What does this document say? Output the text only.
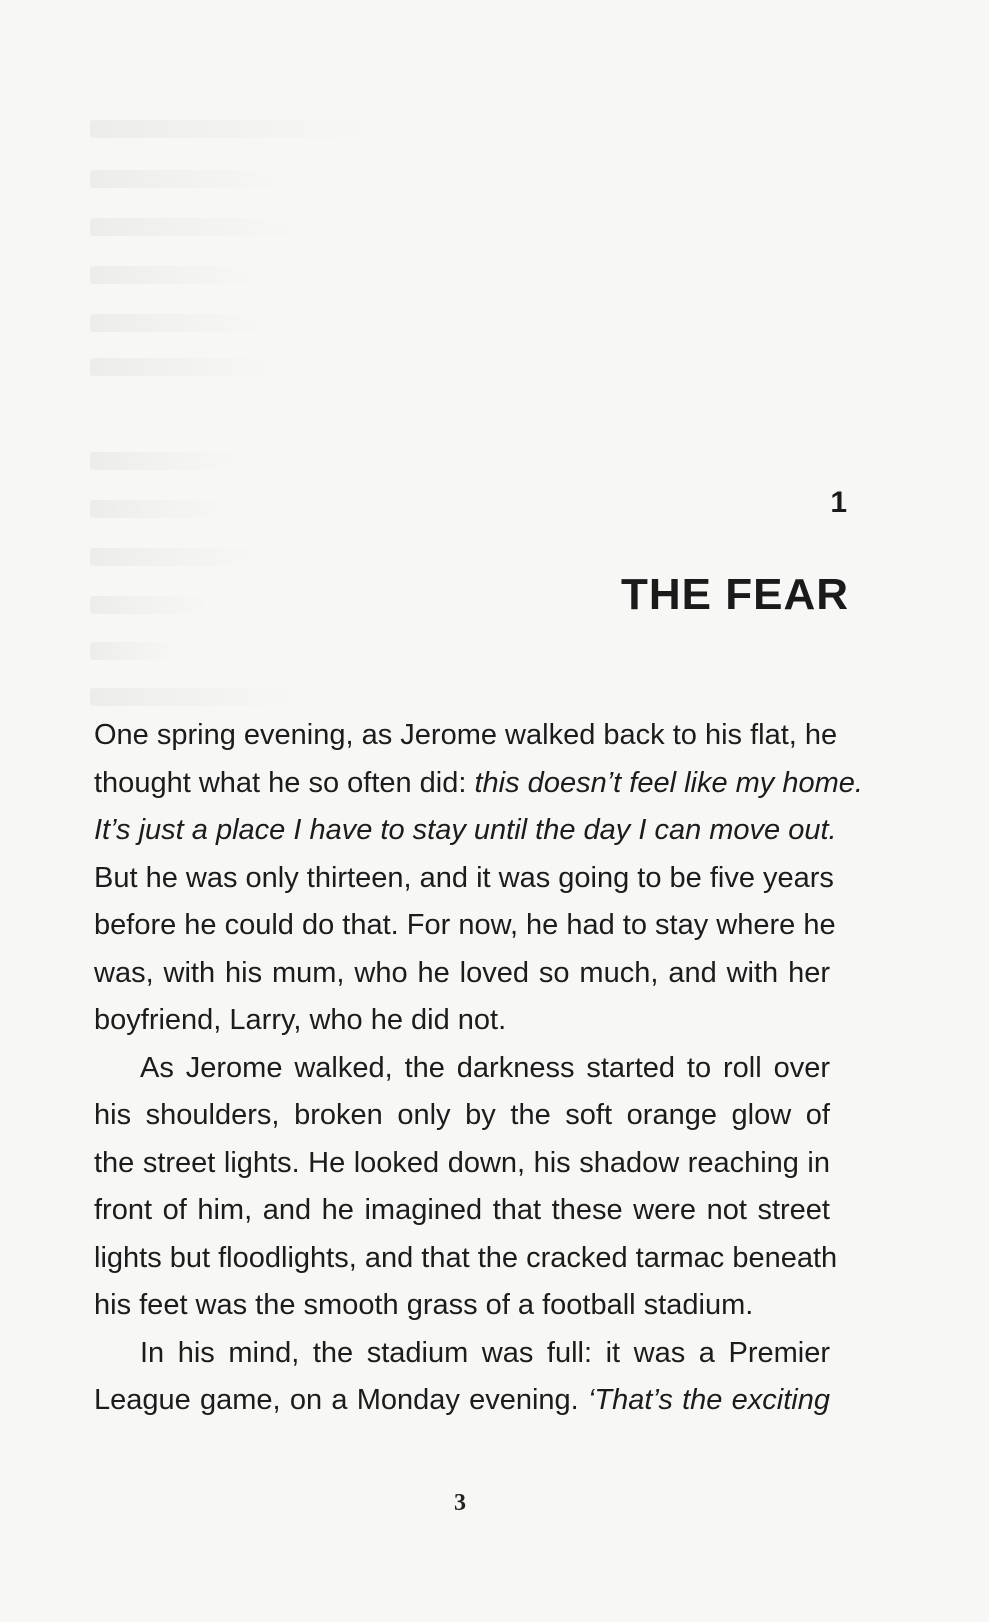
1
THE FEAR
One spring evening, as Jerome walked back to his flat, he
thought what he so often did: this doesn’t feel like my home.
It’s just a place I have to stay until the day I can move out.
But he was only thirteen, and it was going to be five years
before he could do that. For now, he had to stay where he
was, with his mum, who he loved so much, and with her
boyfriend, Larry, who he did not.
As Jerome walked, the darkness started to roll over
his shoulders, broken only by the soft orange glow of
the street lights. He looked down, his shadow reaching in
front of him, and he imagined that these were not street
lights but floodlights, and that the cracked tarmac beneath
his feet was the smooth grass of a football stadium.
In his mind, the stadium was full: it was a Premier
League game, on a Monday evening. ‘That’s the exciting
3
